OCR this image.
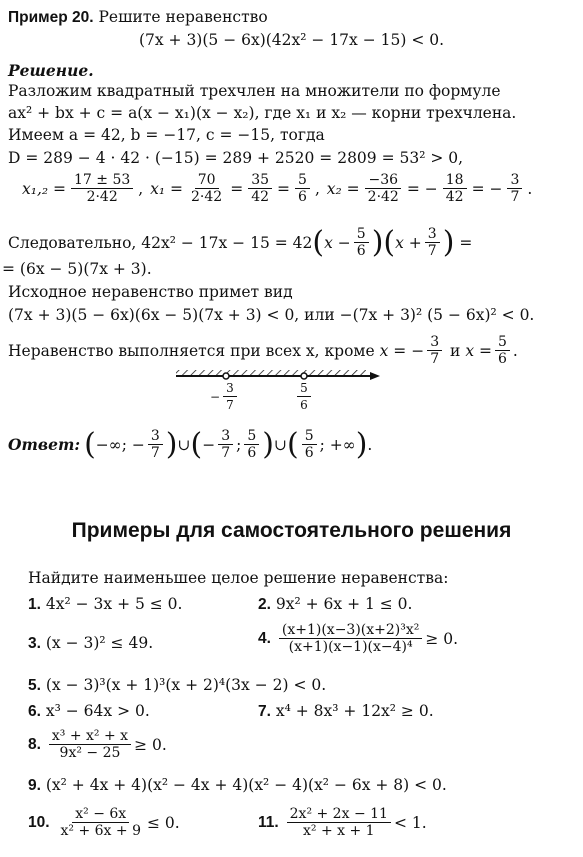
Пример 20. Решите неравенство
(7x + 3)(5 − 6x)(42x² − 17x − 15) < 0.
Решение.
Разложим квадратный трехчлен на множители по формуле
ax² + bx + c = a(x − x₁)(x − x₂), где x₁ и x₂ — корни трехчлена.
Имеем a = 42, b = −17, c = −15, тогда
D = 289 − 4 · 42 · (−15) = 289 + 2520 = 2809 = 53² > 0,
$x_1,_2 = \frac{17 \pm 53}{2\cdot 42}$ , $x_1 = \frac{70}{2\cdot 42} = \frac{35}{42} = \frac{5}{6}$ , $x_2 = \frac{-36}{2\cdot 42}$ = − $\frac{18}{42}$ = − $\frac{3}{7}$ .
Следовательно, 42x² − 17x − 15 = 42 ( $x - \frac{5}{6}$ ) ( $x + \frac{3}{7}$ ) =
= (6x − 5)(7x + 3).
Исходное неравенство примет вид
(7x + 3)(5 − 6x)(6x − 5)(7x + 3) < 0, или −(7x + 3)² (5 − 6x)² < 0.
Неравенство выполняется при всех x, кроме
x = − $\frac{3}{7}$
и
$x = \frac{5}{6}$ .
− $\frac{3}{7}$	$\frac{5}{6}$
Ответ: ( −∞; − $\frac{3}{7}$ ) ∪ ( − $\frac{3}{7}$ ; $\frac{5}{6}$ ) ∪ ( $\frac{5}{6}$ ; +∞ ) .
Примеры для самостоятельного решения
Найдите наименьшее целое решение неравенства:
1. 4x² − 3x + 5 ≤ 0.	2. 9x² + 6x + 1 ≤ 0.
3. (x − 3)² ≤ 49.	4.
$\frac{\text{(x+1)(x−3)(x+2)³x²}}{\text{(x+1)(x−1)(x−4)⁴}} \ge 0$.
5. (x − 3)³(x + 1)³(x + 2)⁴(3x − 2) < 0.
6. x³ − 64x > 0.	7. x⁴ + 8x³ + 12x² ≥ 0.
8.
$\frac{\text{x³ + x² + x}}{\text{9x² − 25}} \ge 0$.
9. (x² + 4x + 4)(x² − 4x + 4)(x² − 4)(x² − 6x + 8) < 0.
10.
$\frac{\text{x² − 6x}}{\text{x² + 6x + 9}} \le 0$.	11.
$\frac{\text{2x² + 2x − 11}}{\text{x² + x + 1}} < 1$.
